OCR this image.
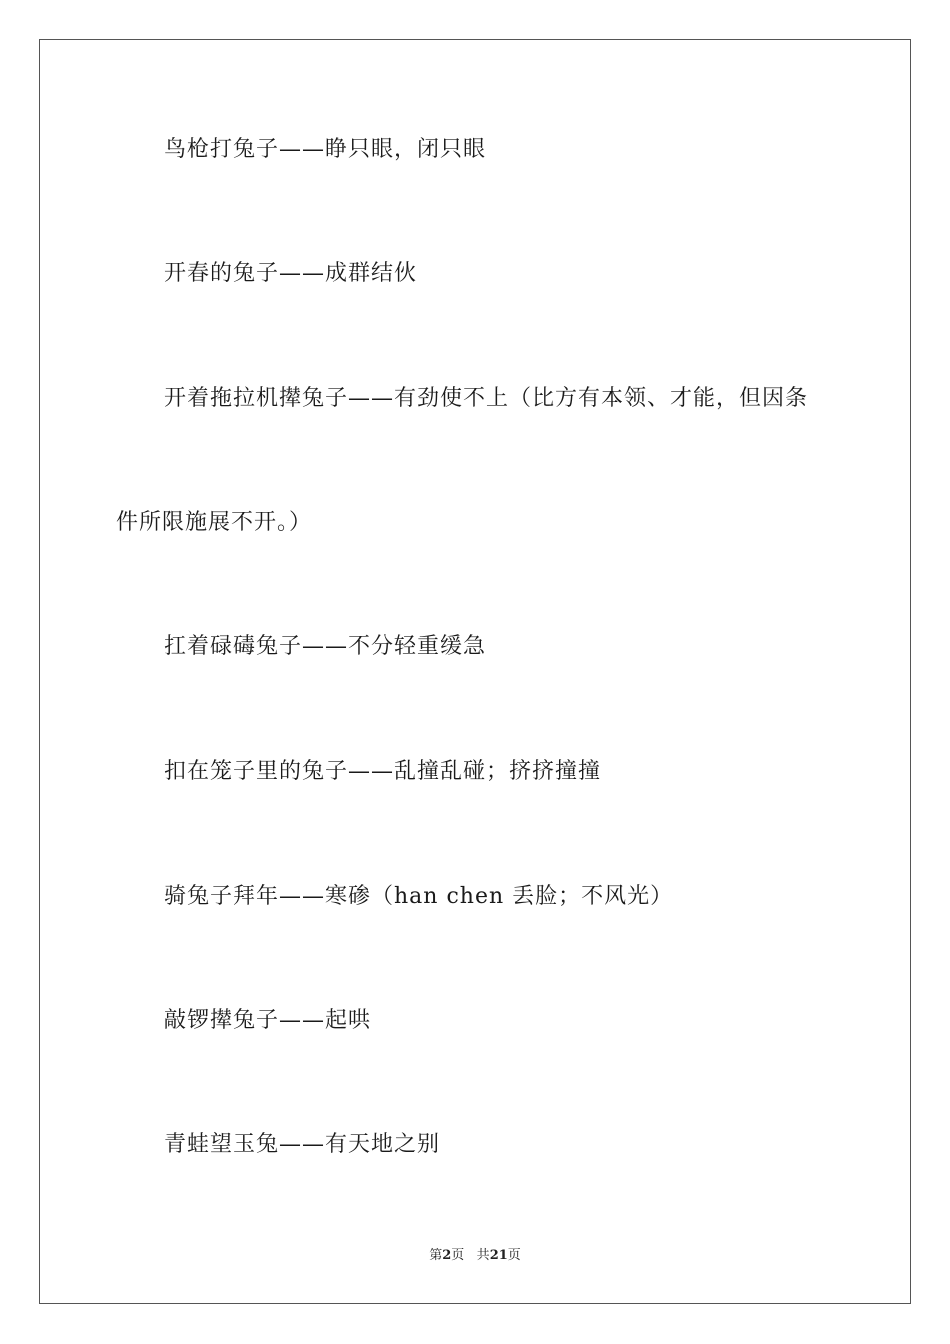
鸟枪打兔子——睁只眼，闭只眼
开春的兔子——成群结伙
开着拖拉机撵兔子——有劲使不上（比方有本领、才能，但因条
件所限施展不开。）
扛着碌碡兔子——不分轻重缓急
扣在笼子里的兔子——乱撞乱碰；挤挤撞撞
骑兔子拜年——寒碜（han chen 丢脸；不风光）
敲锣撵兔子——起哄
青蛙望玉兔——有天地之别
第2页 共21页
